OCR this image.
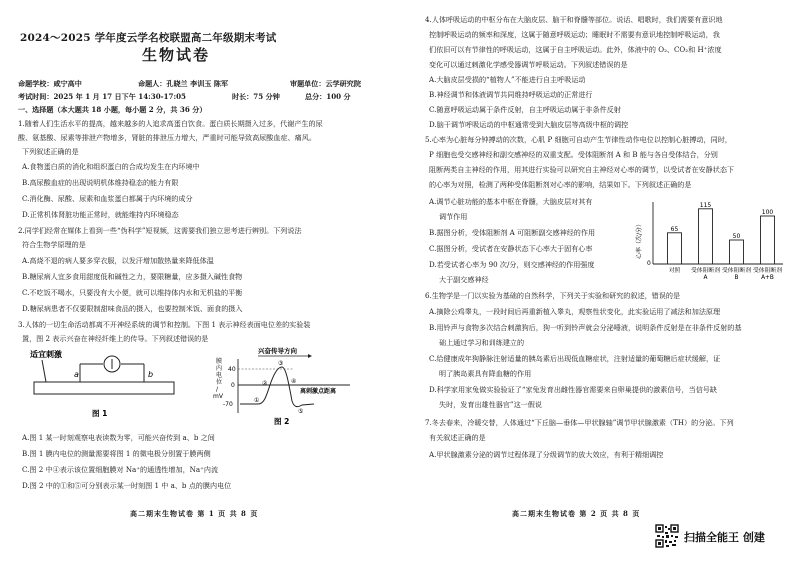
2024～2025 学年度云学名校联盟高二年级期末考试
生物试卷
命题学校：咸宁高中	命题人：孔晓兰 李训玉 陈军	审题单位：云学研究院
考试时间：2025 年 1 月 17 日下午 14:30-17:05	时长：75 分钟	总分：100 分
一、选择题（本大题共 18 小题，每小题 2 分，共 36 分）
1.随着人们生活水平的提高，越来越多的人追求高蛋白饮食。蛋白质长期摄入过多，代谢产生的尿
酸、氨基酸、尿素等排泄产物增多，肾脏的排泄压力增大，严重时可能导致高尿酸血症、痛风。
下列叙述正确的是
A.食物蛋白质的消化和组织蛋白的合成均发生在内环境中
B.高尿酸血症的出现说明机体维持稳态的能力有限
C.消化酶、尿酸、尿素和血浆蛋白都属于内环境的成分
D.正常机体肾脏功能正常时，就能维持内环境稳态
2.同学们经常在媒体上看到一些“伪科学”短视频，这需要我们独立思考进行辨别。下列说法
符合生物学原理的是
A.高烧不退的病人要多穿衣服，以发汗增加散热量来降低体温
B.糖尿病人宜多食用甜度低和碱性之力，要限糖量，应多摄入碱性食物
C.不吃饭不喝水，只要没有大小便，就可以维持体内水和无机盐的平衡
D.糖尿病患者不仅要限制甜味食品的摄入，也要控制米饭、面食的摄入
3.人体的一切生命活动都离不开神经系统的调节和控制。下图 1 表示神经表面电位差的实验装
置，图 2 表示兴奋在神经纤维上的传导。下列叙述错误的是
适宜刺激
a	b
图 1
兴奋传导方向
膜
内
电
位
/
mV
40
0
-70
①
②
③
④
⑤
离刺激点距离
图 2
A.图 1 某一时刻观察电表读数为零，可能兴奋传到 a、b 之间
B.图 1 膜内电位的测量需要将图 1 的微电极分别置于膜两侧
C.图 2 中④表示该位置细胞膜对 Na⁺的通透性增加，Na⁺内流
D.图 2 中的①和⑤可分别表示某一时刻图 1 中 a、b 点的膜内电位
高二期末生物试卷 第 1 页 共 8 页
4.人体呼吸运动的中枢分布在大脑皮层、脑干和脊髓等部位。说话、唱歌时，我们需要有意识地
控制呼吸运动的频率和深度，这属于随意呼吸运动；睡眠时不需要有意识地控制呼吸运动，我
们依旧可以有节律性的呼吸运动，这属于自主呼吸运动。此外，体液中的 O₂、CO₂和 H⁺浓度
变化可以通过刺激化学感受器调节呼吸运动。下列叙述错误的是
A.大脑皮层受损的“植物人”不能进行自主呼吸运动
B.神经调节和体液调节共同维持呼吸运动的正常进行
C.随意呼吸运动属于条件反射，自主呼吸运动属于非条件反射
D.脑干调节呼吸运动的中枢通常受到大脑皮层等高级中枢的调控
5.心率为心脏每分钟搏动的次数，心肌 P 细胞可自动产生节律性动作电位以控制心脏搏动，同时，
P 细胞也受交感神经和副交感神经的双重支配。受体阻断剂 A 和 B 能与各自受体结合，分别
阻断两类自主神经的作用，用其进行实验可以研究自主神经对心率的调节，以受试者在安静状态下
的心率为对照，检测了两种受体阻断剂对心率的影响，结果如下。下列叙述正确的是
A.调节心脏功能的基本中枢在脊髓，大脑皮层对其有
调节作用
B.据图分析，受体阻断剂 A 可阻断副交感神经的作用
C.据图分析，受试者在安静状态下心率大于固有心率
D.若受试者心率为 90 次/分，则交感神经的作用强度
大于副交感神经
心率（次/分）
0
65
对照
115
受体阻断剂
A
50
受体阻断剂
B
100
受体阻断剂
A+B
6.生物学是一门以实验为基础的自然科学，下列关于实验和研究的叙述，错误的是
A.摘除公鸡睾丸，一段时间后再重新植入睾丸，观察性状变化，此实验运用了减法和加法原理
B.用铃声与食物多次结合刺激狗后，狗一听到铃声就会分泌唾液，说明条件反射是在非条件反射的基
础上通过学习和训练建立的
C.给健康成年狗静脉注射适量的胰岛素后出现低血糖症状，注射适量的葡萄糖后症状缓解，证
明了胰岛素具有降血糖的作用
D.科学家用家兔做实验验证了“家兔发育出雌性器官需要来自卵巢提供的激素信号，当信号缺
失时，发育出雄性器官”这一假说
7.冬去春来，冷暖交替，人体通过“下丘脑—垂体—甲状腺轴”调节甲状腺激素（TH）的分泌。下列
有关叙述正确的是
A.甲状腺激素分泌的调节过程体现了分级调节的放大效应，有利于精细调控
高二期末生物试卷 第 2 页 共 8 页
扫描全能王 创建
